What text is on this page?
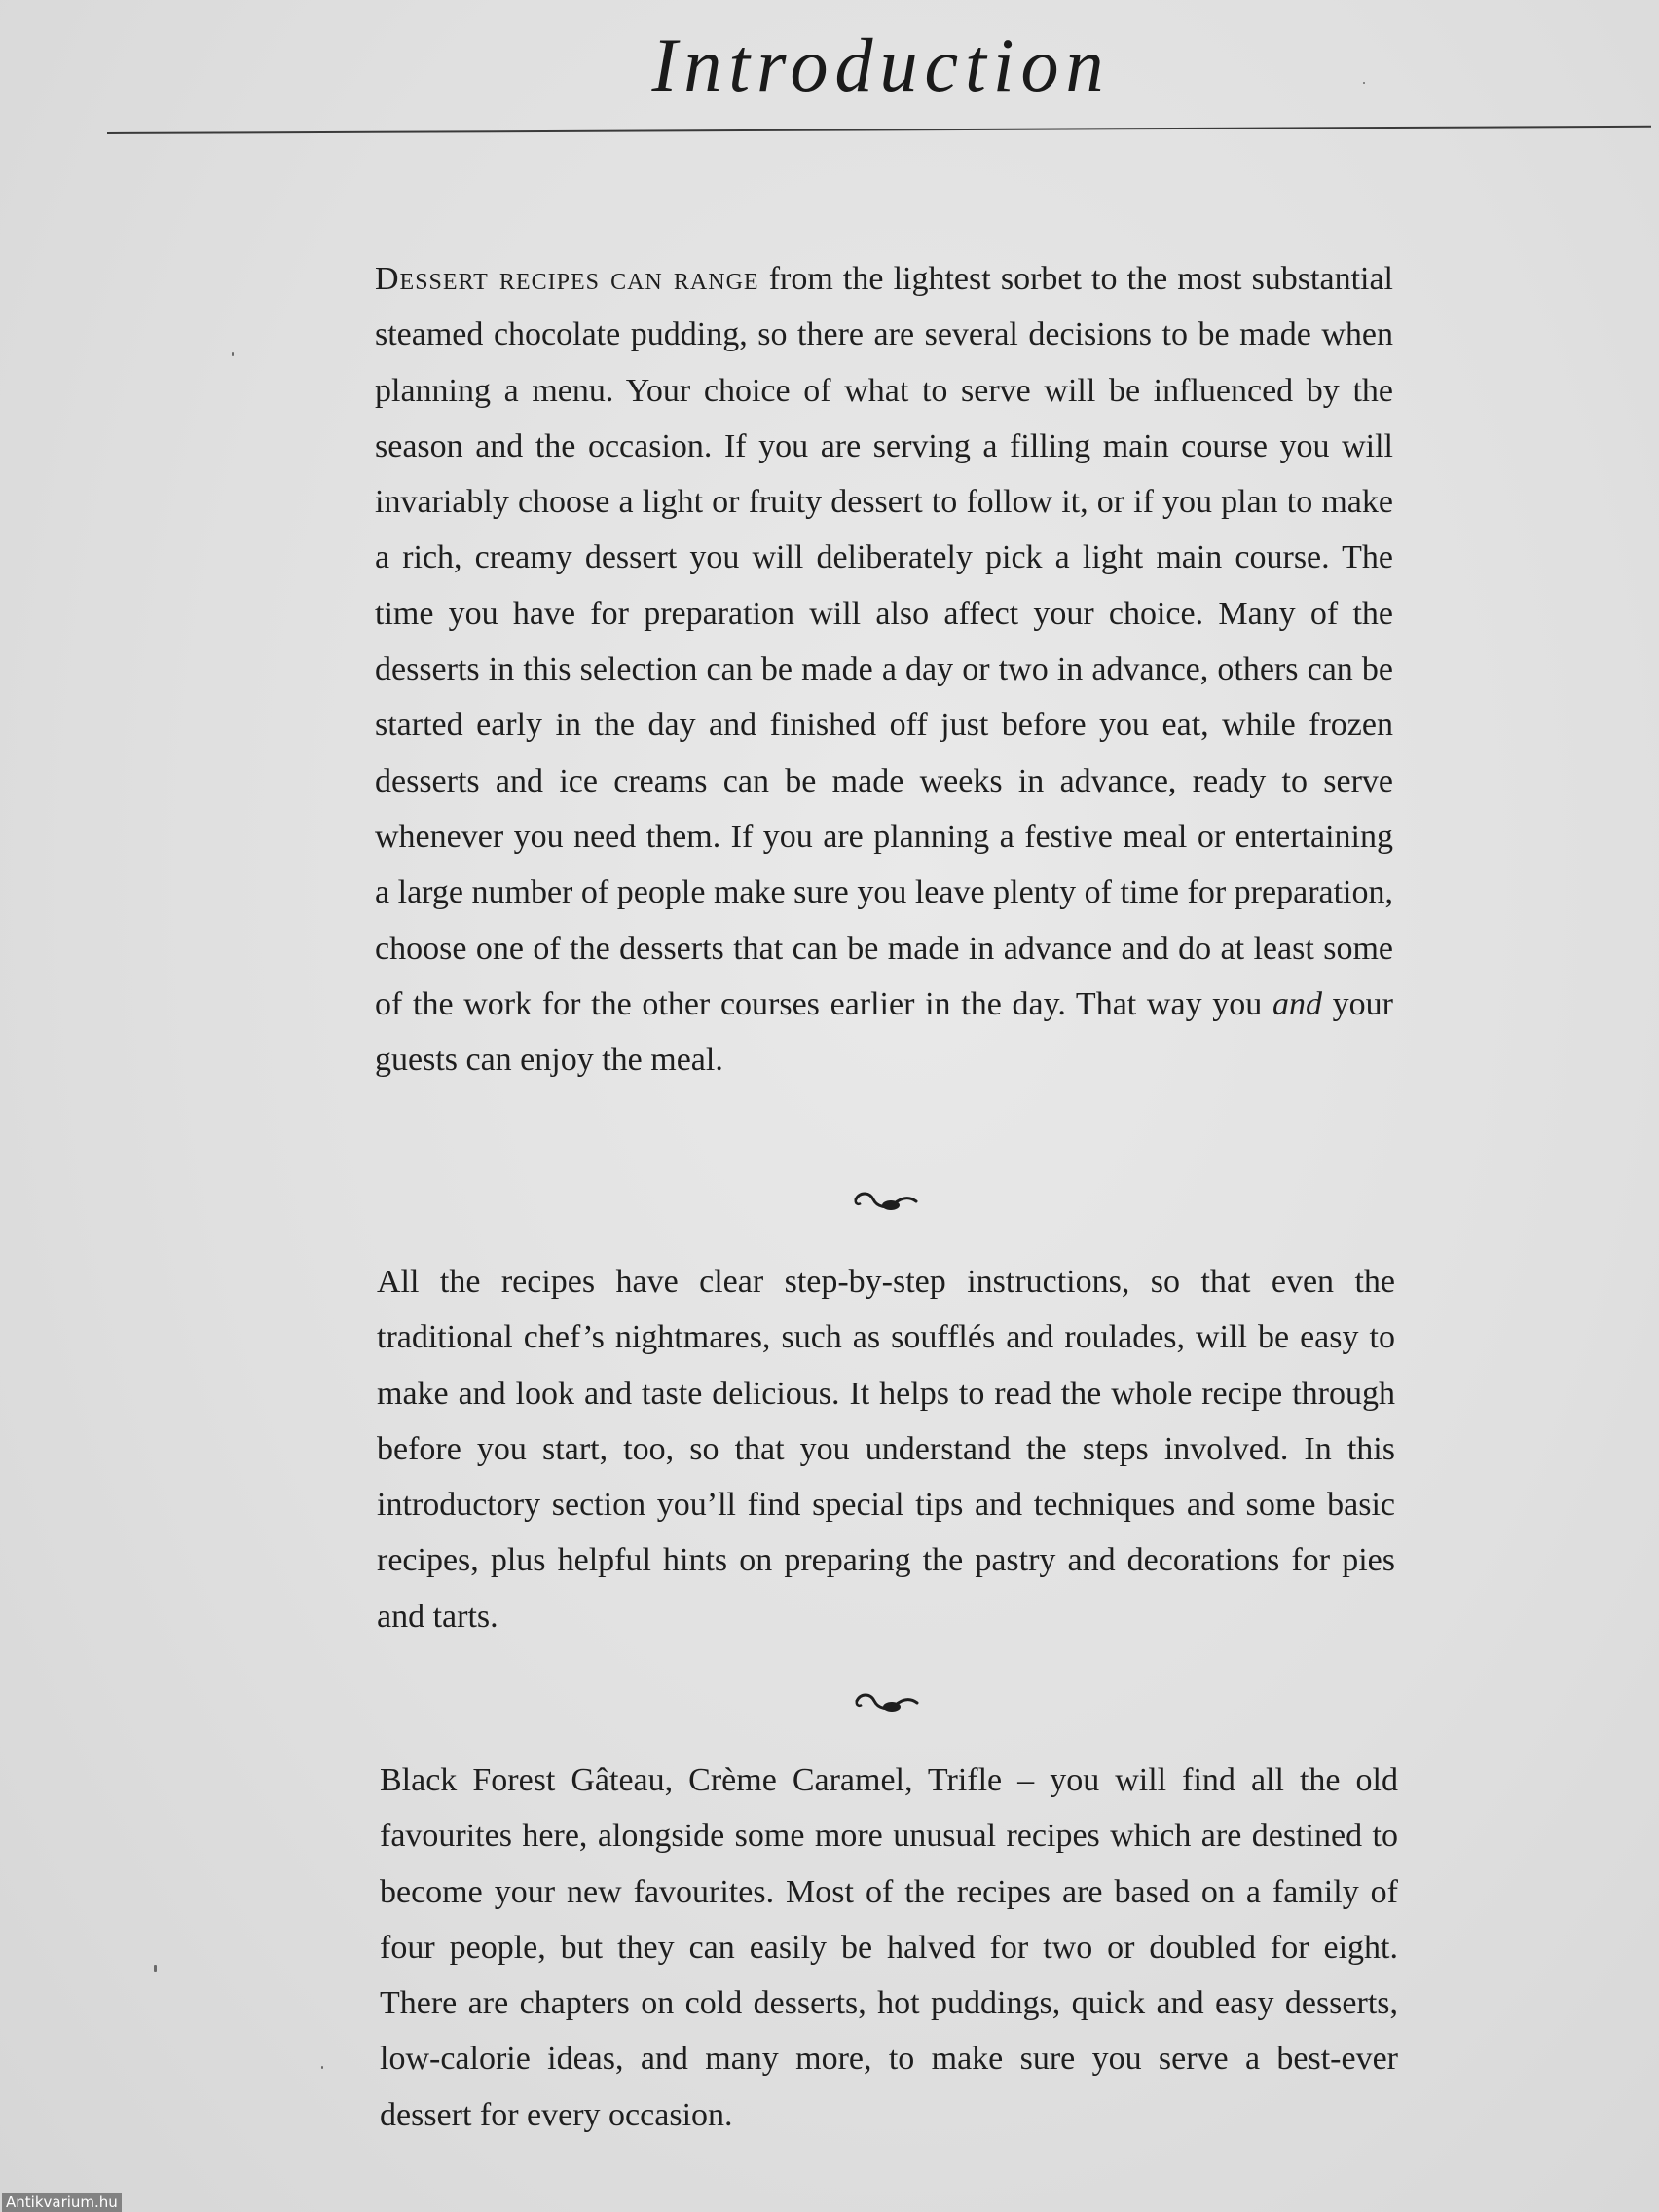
Introduction

Dessert recipes can range from the lightest sorbet to the most substantial steamed chocolate pudding, so there are several decisions to be made when planning a menu. Your choice of what to serve will be influenced by the season and the occasion. If you are serving a filling main course you will invariably choose a light or fruity dessert to follow it, or if you plan to make a rich, creamy dessert you will deliberately pick a light main course. The time you have for preparation will also affect your choice. Many of the desserts in this selection can be made a day or two in advance, others can be started early in the day and finished off just before you eat, while frozen desserts and ice creams can be made weeks in advance, ready to serve whenever you need them. If you are planning a festive meal or entertaining a large number of people make sure you leave plenty of time for preparation, choose one of the desserts that can be made in advance and do at least some of the work for the other courses earlier in the day. That way you and your guests can enjoy the meal.

All the recipes have clear step-by-step instructions, so that even the traditional chef’s nightmares, such as soufflés and roulades, will be easy to make and look and taste delicious. It helps to read the whole recipe through before you start, too, so that you understand the steps involved. In this introductory section you’ll find special tips and techniques and some basic recipes, plus helpful hints on preparing the pastry and decorations for pies and tarts.

Black Forest Gâteau, Crème Caramel, Trifle – you will find all the old favourites here, alongside some more unusual recipes which are destined to become your new favourites. Most of the recipes are based on a family of four people, but they can easily be halved for two or doubled for eight. There are chapters on cold desserts, hot puddings, quick and easy desserts, low-calorie ideas, and many more, to make sure you serve a best-ever dessert for every occasion.

Antikvarium.hu
